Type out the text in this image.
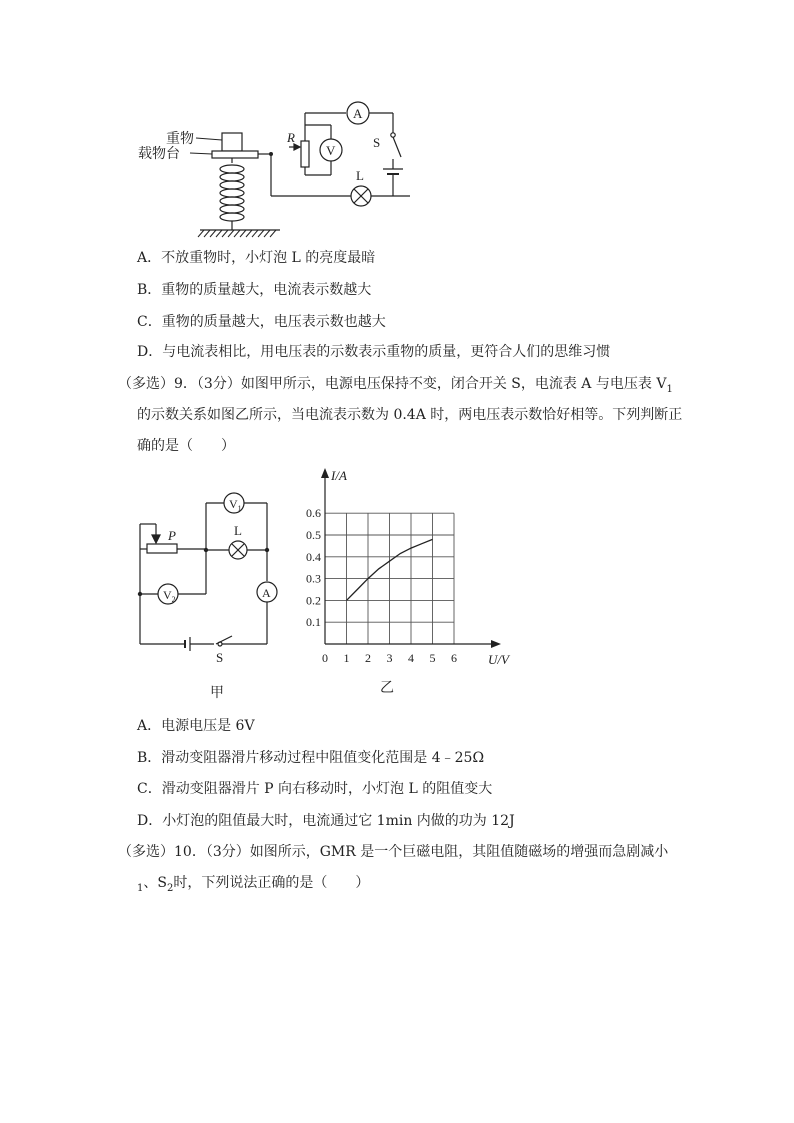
重物
载物台
R
A
V
S
L
A．不放重物时，小灯泡 L 的亮度最暗
B．重物的质量越大，电流表示数越大
C．重物的质量越大，电压表示数也越大
D．与电流表相比，用电压表的示数表示重物的质量，更符合人们的思维习惯
（多选）9．（3分）如图甲所示，电源电压保持不变，闭合开关 S，电流表 A 与电压表 $V_1$
的示数关系如图乙所示，当电流表示数为 0.4A 时，两电压表示数恰好相等。下列判断正
确的是（　　）
$V_1$
$V_2$
P	L
A
S
甲
0 1 2 3 4 5 6
0.1
0.2
0.3
0.4
0.5
0.6
I/A
U/V
乙
A．电源电压是 6V
B．滑动变阻器滑片移动过程中阻值变化范围是 4﹣25Ω
C．滑动变阻器滑片 P 向右移动时，小灯泡 L 的阻值变大
D．小灯泡的阻值最大时，电流通过它 1min 内做的功为 12J
（多选）10．（3分）如图所示，GMR 是一个巨磁电阻，其阻值随磁场的增强而急剧减小
$_1$、$S_2$时，下列说法正确的是（　　）
